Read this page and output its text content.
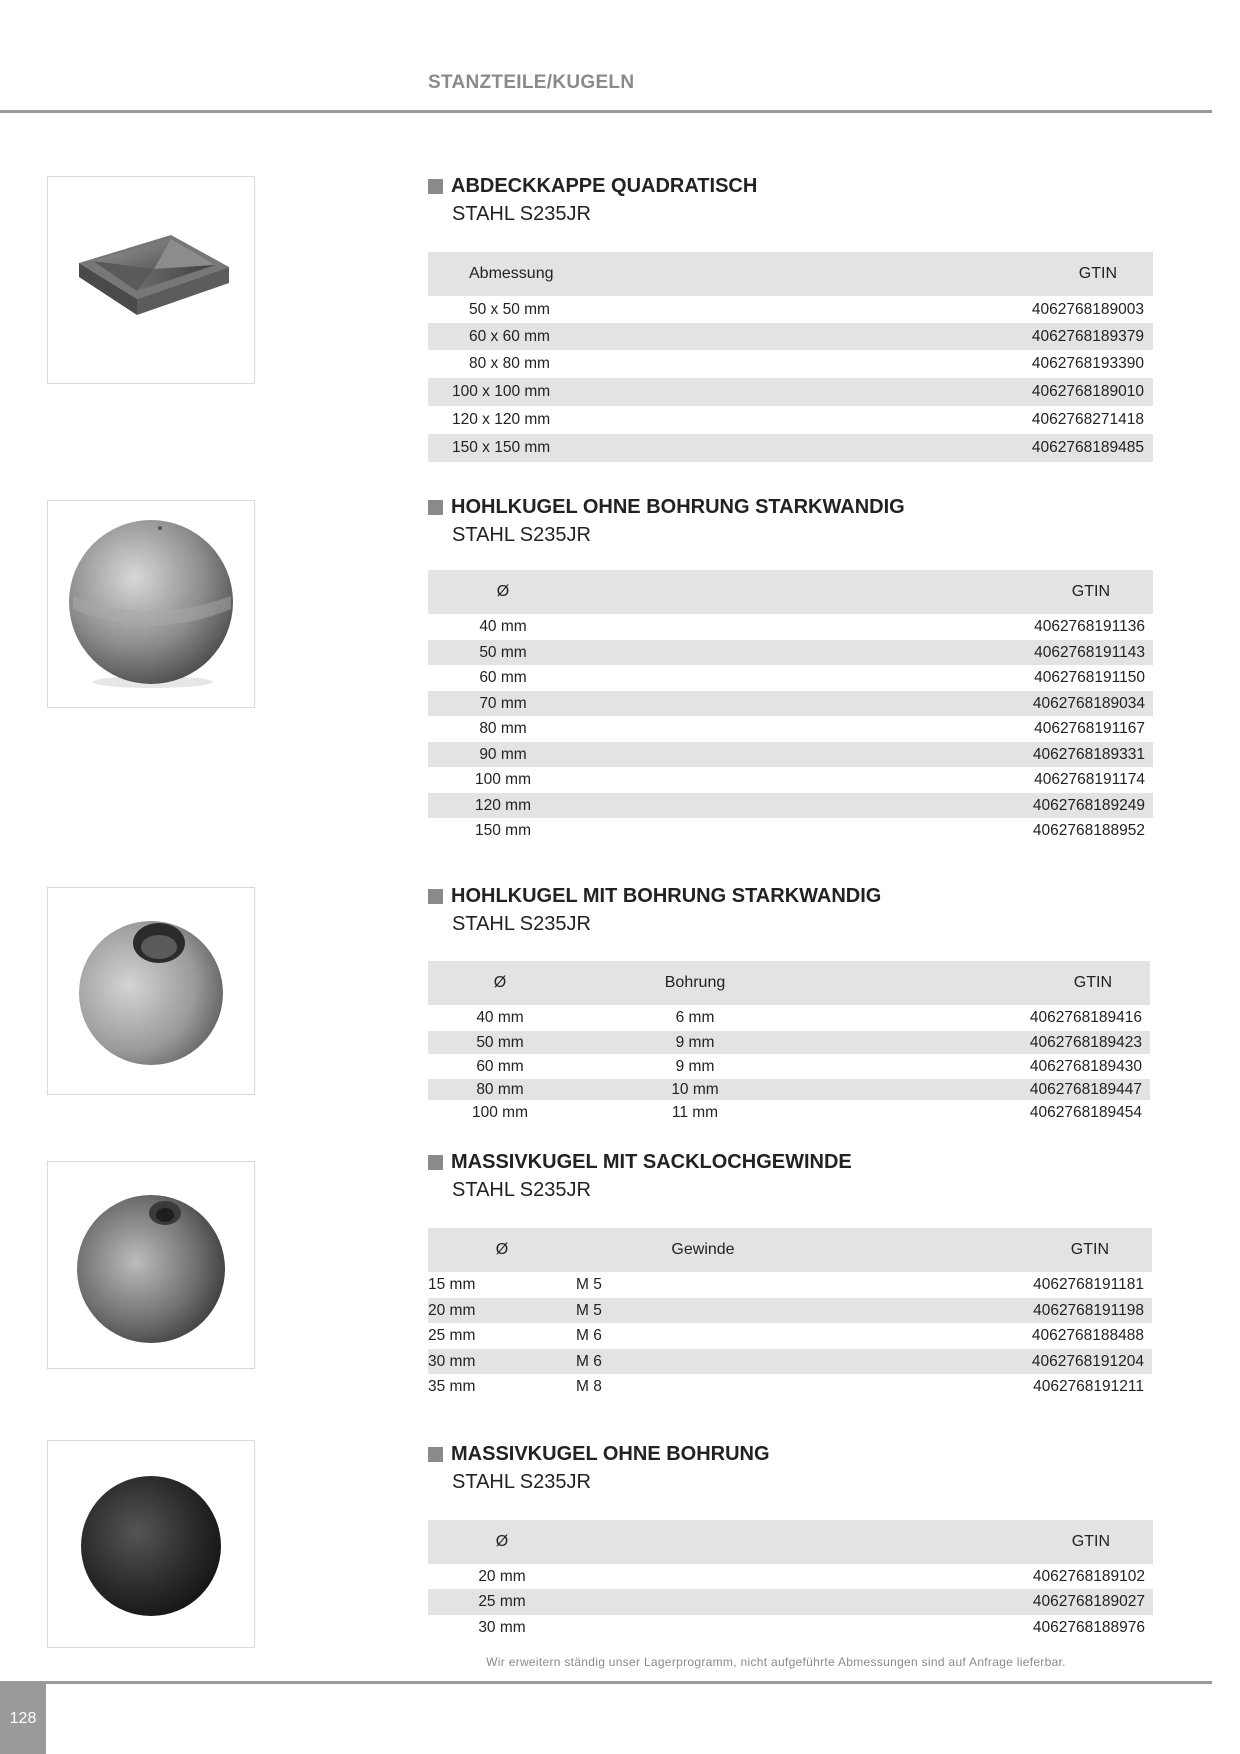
STANZTEILE/KUGELN
ABDECKKAPPE QUADRATISCH
STAHL S235JR
Abmessung	GTIN
50 x 50 mm	4062768189003
60 x 60 mm	4062768189379
80 x 80 mm	4062768193390
100 x 100 mm	4062768189010
120 x 120 mm	4062768271418
150 x 150 mm	4062768189485
HOHLKUGEL OHNE BOHRUNG STARKWANDIG
STAHL S235JR
Ø	GTIN
40 mm	4062768191136
50 mm	4062768191143
60 mm	4062768191150
70 mm	4062768189034
80 mm	4062768191167
90 mm	4062768189331
100 mm	4062768191174
120 mm	4062768189249
150 mm	4062768188952
HOHLKUGEL MIT BOHRUNG STARKWANDIG
STAHL S235JR
Ø	Bohrung	GTIN
40 mm	6 mm	4062768189416
50 mm	9 mm	4062768189423
60 mm	9 mm	4062768189430
80 mm	10 mm	4062768189447
100 mm	11 mm	4062768189454
MASSIVKUGEL MIT SACKLOCHGEWINDE
STAHL S235JR
Ø	Gewinde	GTIN
15 mm	M 5	4062768191181
20 mm	M 5	4062768191198
25 mm	M 6	4062768188488
30 mm	M 6	4062768191204
35 mm	M 8	4062768191211
MASSIVKUGEL OHNE BOHRUNG
STAHL S235JR
Ø	GTIN
20 mm	4062768189102
25 mm	4062768189027
30 mm	4062768188976
Wir erweitern ständig unser Lagerprogramm, nicht aufgeführte Abmessungen sind auf Anfrage lieferbar.
128
